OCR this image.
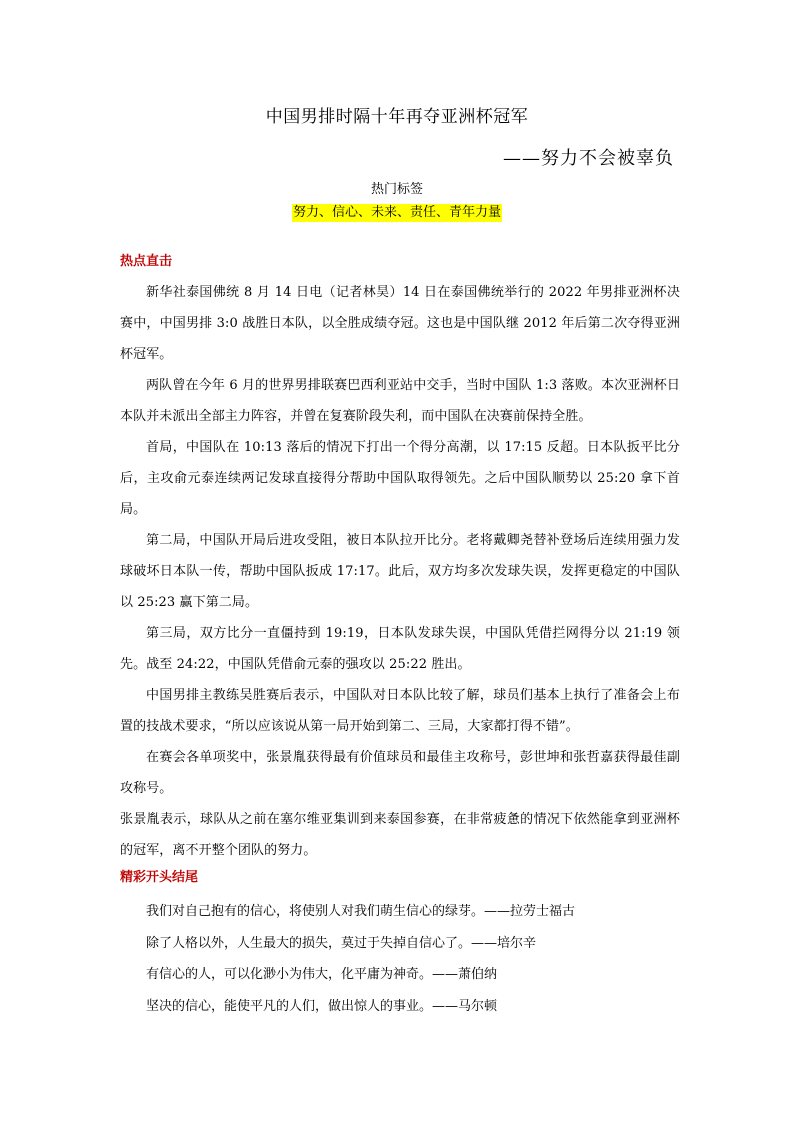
中国男排时隔十年再夺亚洲杯冠军
——努力不会被辜负
热门标签
努力、信心、未来、责任、青年力量
热点直击

新华社泰国佛统 8 月 14 日电（记者林昊）14 日在泰国佛统举行的 2022 年男排亚洲杯决赛中，中国男排 3:0 战胜日本队，以全胜成绩夺冠。这也是中国队继 2012 年后第二次夺得亚洲杯冠军。

两队曾在今年 6 月的世界男排联赛巴西利亚站中交手，当时中国队 1:3 落败。本次亚洲杯日本队并未派出全部主力阵容，并曾在复赛阶段失利，而中国队在决赛前保持全胜。

首局，中国队在 10:13 落后的情况下打出一个得分高潮，以 17:15 反超。日本队扳平比分后，主攻俞元泰连续两记发球直接得分帮助中国队取得领先。之后中国队顺势以 25:20 拿下首局。

第二局，中国队开局后进攻受阻，被日本队拉开比分。老将戴卿尧替补登场后连续用强力发球破坏日本队一传，帮助中国队扳成 17:17。此后，双方均多次发球失误，发挥更稳定的中国队以 25:23 赢下第二局。

第三局，双方比分一直僵持到 19:19，日本队发球失误，中国队凭借拦网得分以 21:19 领先。战至 24:22，中国队凭借俞元泰的强攻以 25:22 胜出。

中国男排主教练吴胜赛后表示，中国队对日本队比较了解，球员们基本上执行了准备会上布置的技战术要求，“所以应该说从第一局开始到第二、三局，大家都打得不错”。

在赛会各单项奖中，张景胤获得最有价值球员和最佳主攻称号，彭世坤和张哲嘉获得最佳副攻称号。

张景胤表示，球队从之前在塞尔维亚集训到来泰国参赛，在非常疲惫的情况下依然能拿到亚洲杯的冠军，离不开整个团队的努力。

精彩开头结尾

我们对自己抱有的信心，将使别人对我们萌生信心的绿芽。——拉劳士福古

除了人格以外，人生最大的损失，莫过于失掉自信心了。——培尔辛

有信心的人，可以化渺小为伟大，化平庸为神奇。——萧伯纳

坚决的信心，能使平凡的人们，做出惊人的事业。——马尔顿
